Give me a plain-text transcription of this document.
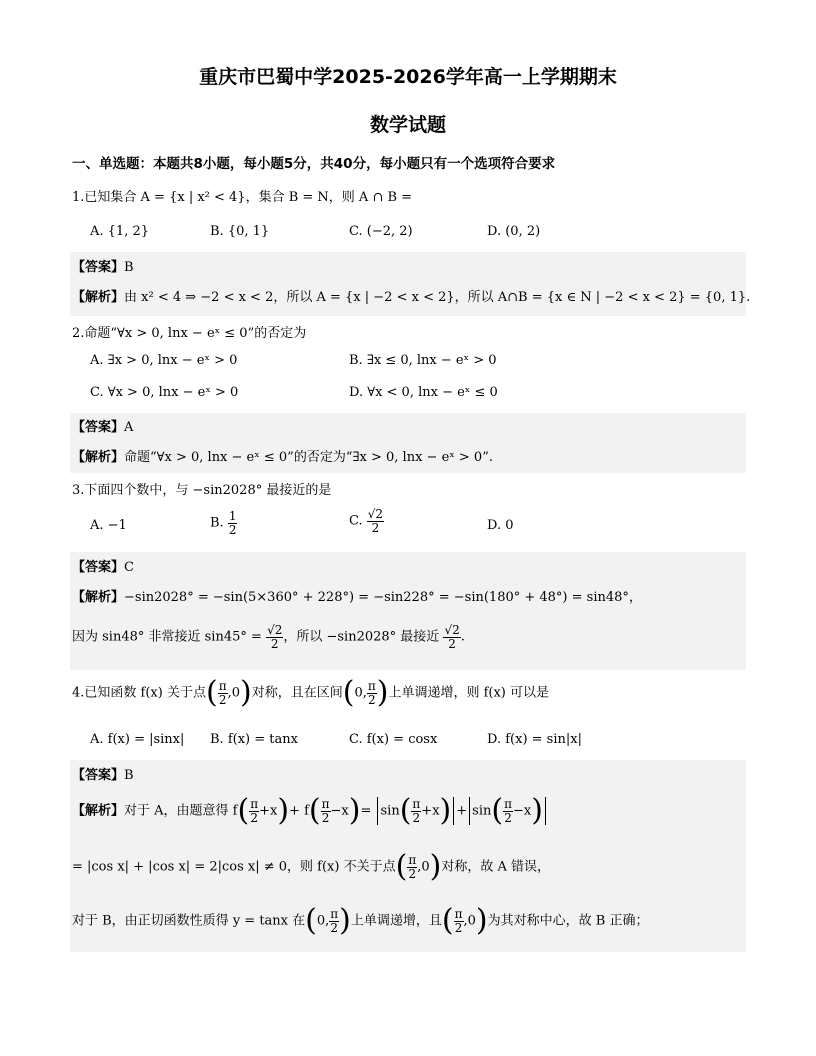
重庆市巴蜀中学2025-2026学年高一上学期期末
数学试题
一、单选题：本题共8小题，每小题5分，共40分，每小题只有一个选项符合要求
1.已知集合 A = {x | x² < 4}，集合 B = N，则 A ∩ B =
A. {1, 2}	B. {0, 1}	C. (−2, 2)	D. (0, 2)
【答案】B
【解析】由 x² < 4 ⇒ −2 < x < 2，所以 A = {x | −2 < x < 2}，所以 A∩B = {x ∈ N | −2 < x < 2} = {0, 1}.
2.命题“∀x > 0, lnx − eˣ ≤ 0”的否定为
A. ∃x > 0, lnx − eˣ > 0	B. ∃x ≤ 0, lnx − eˣ > 0
C. ∀x > 0, lnx − eˣ > 0	D. ∀x < 0, lnx − eˣ ≤ 0
【答案】A
【解析】命题“∀x > 0, lnx − eˣ ≤ 0”的否定为“∃x > 0, lnx − eˣ > 0”.
3.下面四个数中，与 −sin2028° 最接近的是
A. −1	B. $\frac{1}{2}$	C. $\frac{√2}{2}$	D. 0
【答案】C
【解析】−sin2028° = −sin(5×360° + 228°) = −sin228° = −sin(180° + 48°) = sin48°，
因为 sin48° 非常接近 $\sin 45^\circ = \frac{√2}{2}$ ，所以 −sin2028° 最接近 $\frac{√2}{2}$ .
4.已知函数 f(x) 关于点( $\frac{\pi}{2} ,0$)对称，且在区间(0, $\frac{\pi}{2}$ )上单调递增，则 f(x) 可以是
A. f(x) = |sinx| B. f(x) = tanx	C. f(x) = cosx	D. f(x) = sin|x|
【答案】B
【解析】对于 A，由题意得 $f( \frac{\pi}{2} +x)+ f( \frac{\pi}{2} -x)= \sin( \frac{\pi}{2} +x) + \sin( \frac{\pi}{2} -x)$
= |cos x| + |cos x| = 2|cos x| ≠ 0，则 f(x) 不关于点( $\frac{\pi}{2} ,0$)对称，故 A 错误，
对于 B，由正切函数性质得 y = tanx 在(0, $\frac{\pi}{2}$ )上单调递增，且( $\frac{\pi}{2} ,0$)为其对称中心，故 B 正确；
